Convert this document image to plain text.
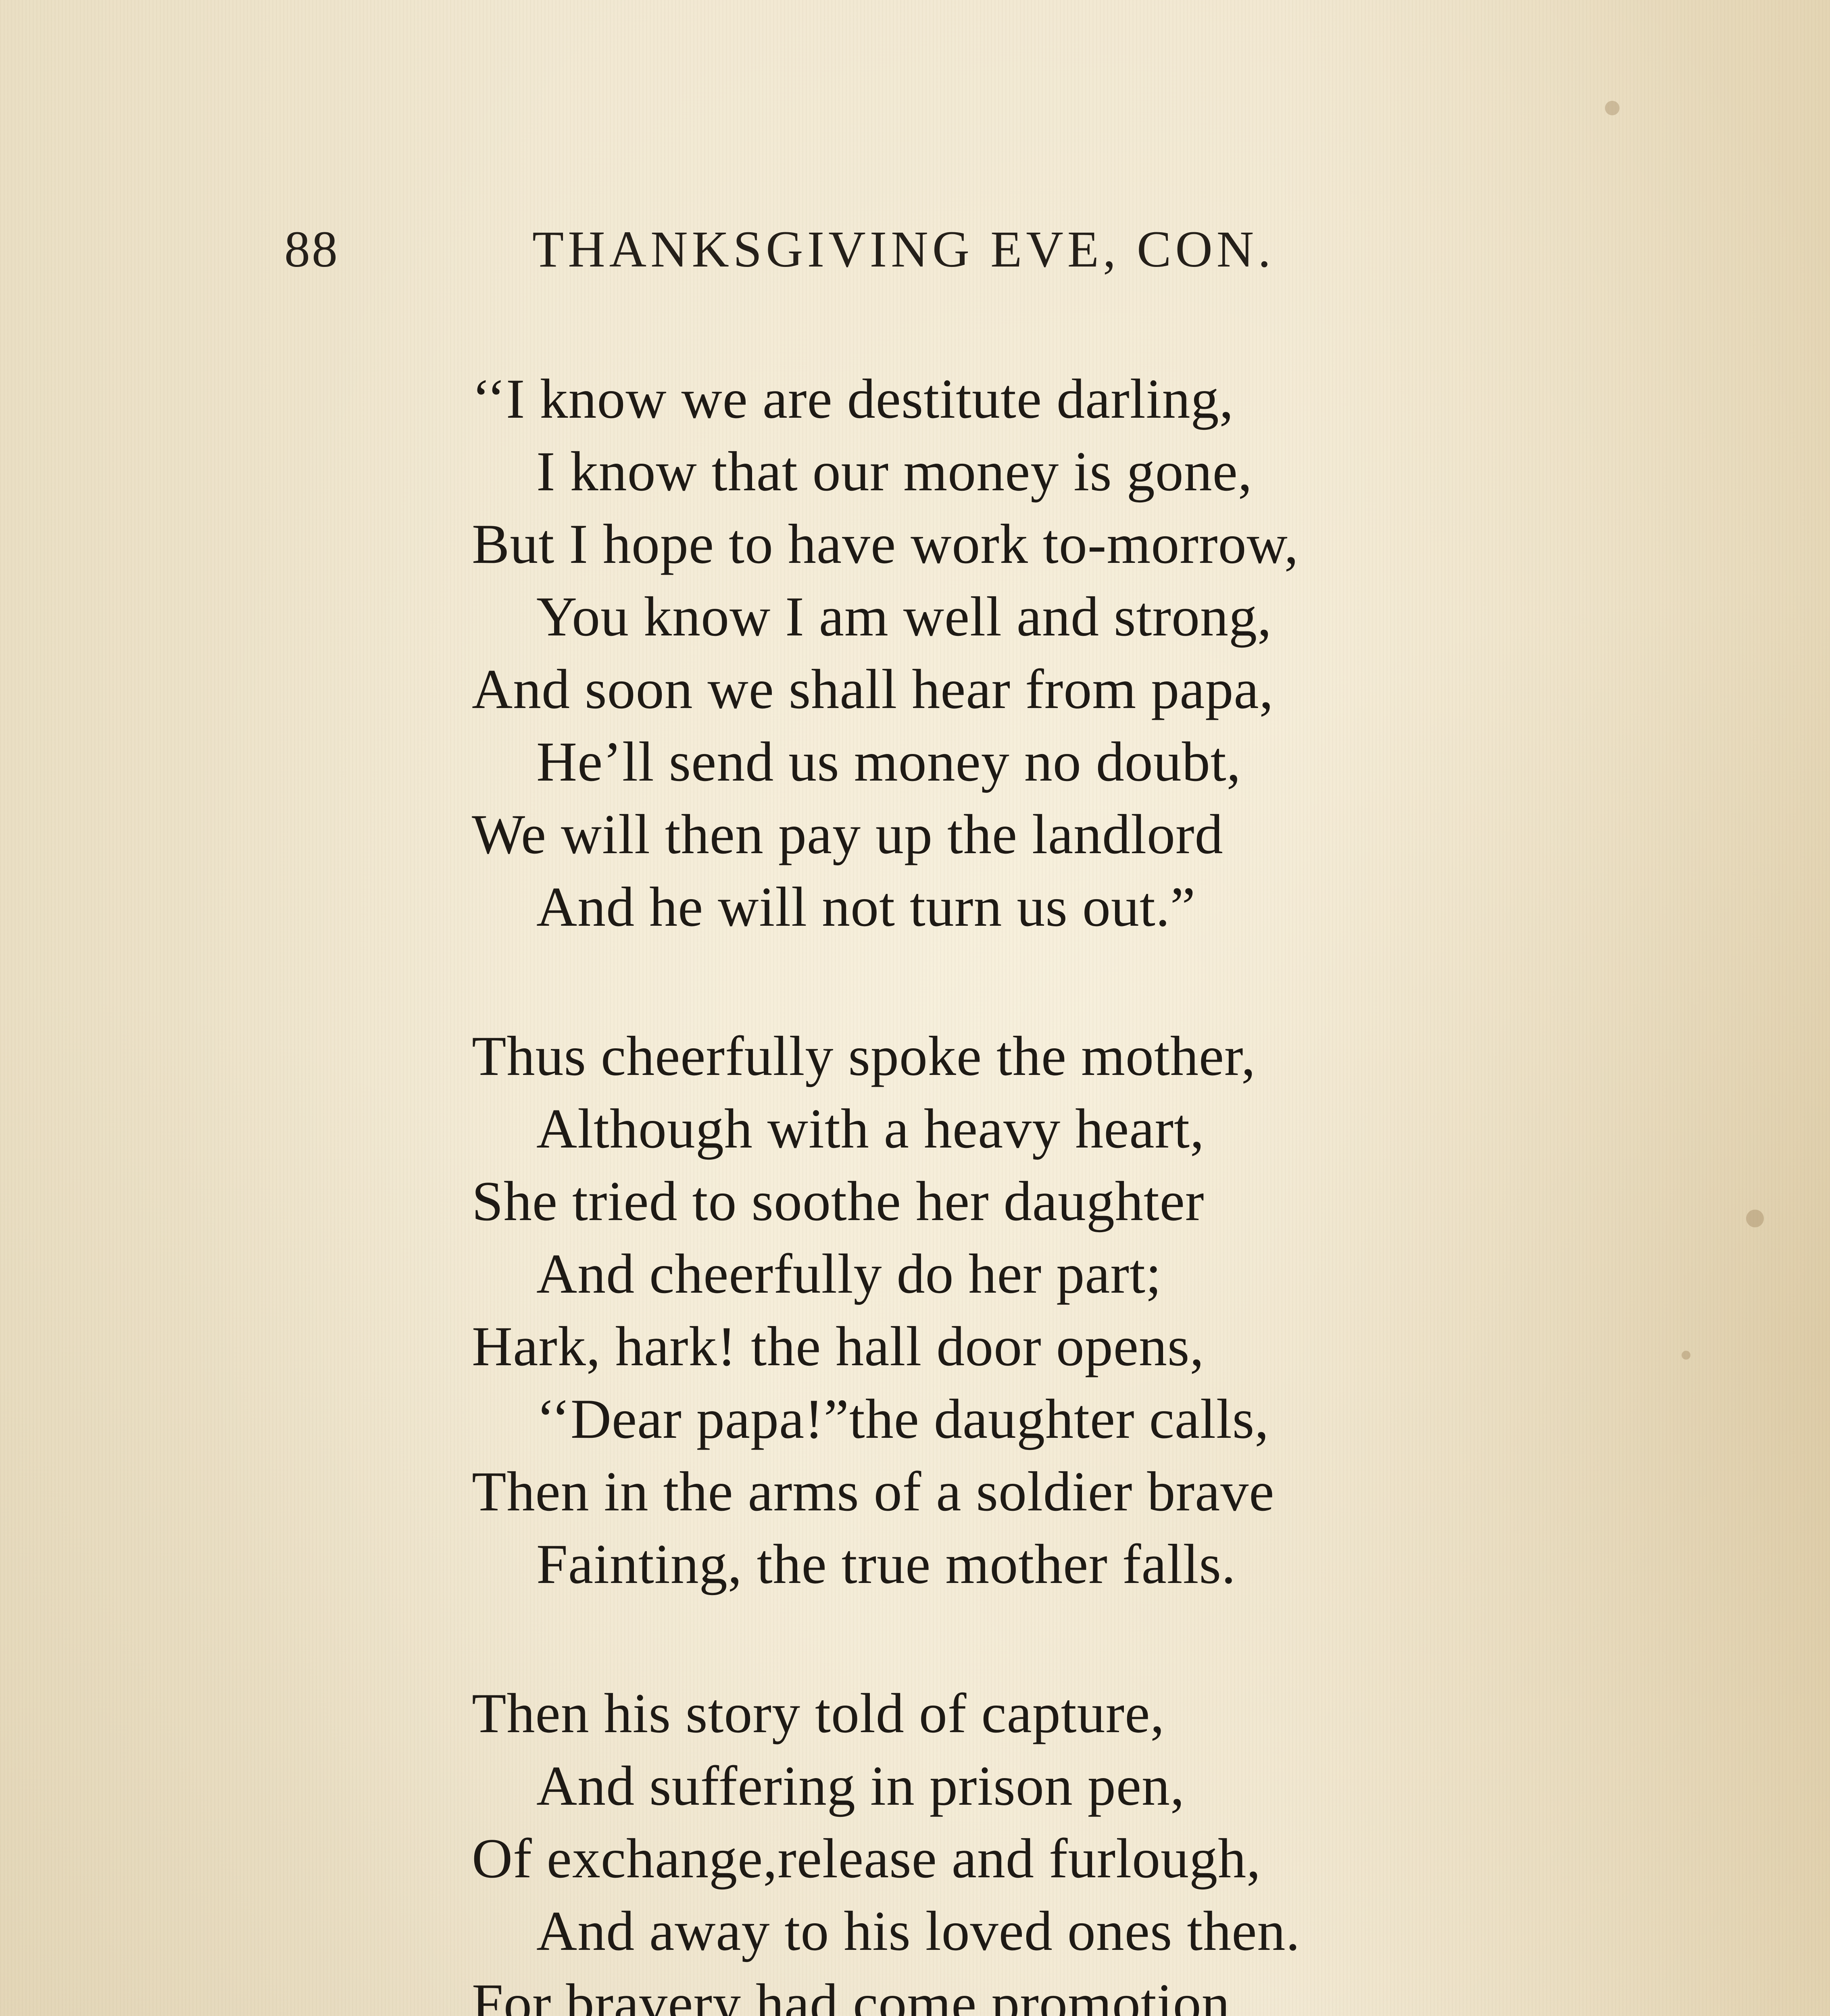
88	THANKSGIVING EVE, CON.
‘‘I know we are destitute darling,
I know that our money is gone,
But I hope to have work to-morrow,
You know I am well and strong,
And soon we shall hear from papa,
He’ll send us money no doubt,
We will then pay up the landlord
And he will not turn us out.”
Thus cheerfully spoke the mother,
Although with a heavy heart,
She tried to soothe her daughter
And cheerfully do her part;
Hark, hark! the hall door opens,
‘‘Dear papa!”the daughter calls,
Then in the arms of a soldier brave
Fainting, the true mother falls.
Then his story told of capture,
And suffering in prison pen,
Of exchange,release and furlough,
And away to his loved ones then.
For bravery had come promotion,
